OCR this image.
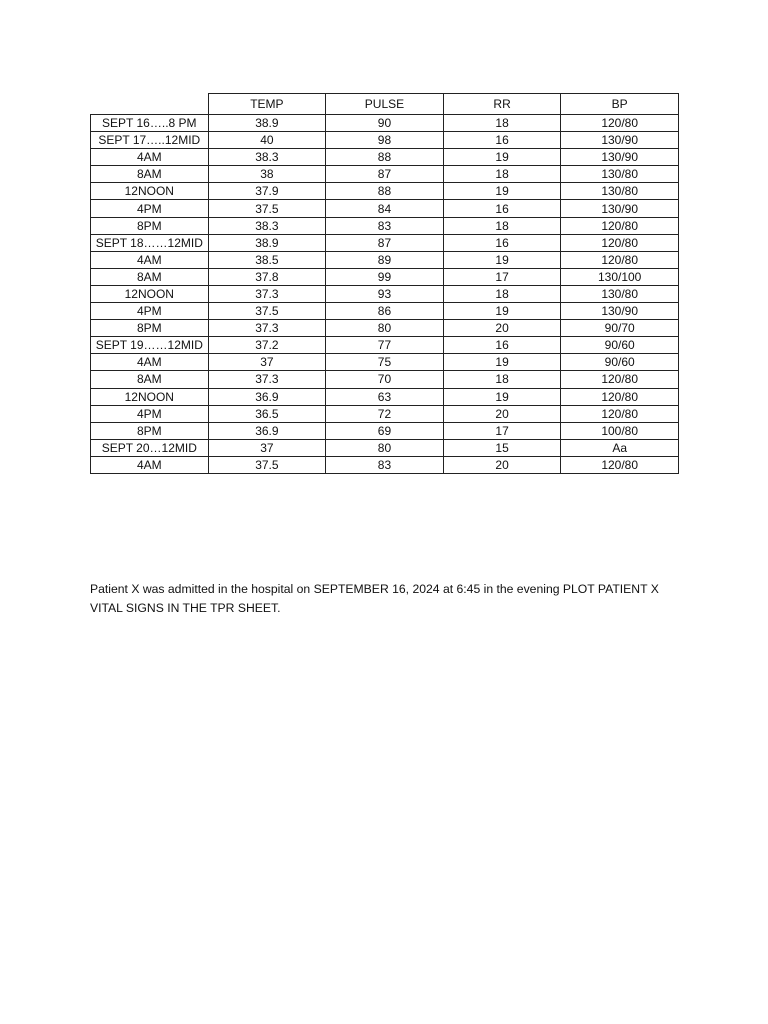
	TEMP	PULSE	RR	BP
SEPT 16…..8 PM	38.9	90	18	120/80
SEPT 17…..12MID	40	98	16	130/90
4AM	38.3	88	19	130/90
8AM	38	87	18	130/80
12NOON	37.9	88	19	130/80
4PM	37.5	84	16	130/90
8PM	38.3	83	18	120/80
SEPT 18……12MID	38.9	87	16	120/80
4AM	38.5	89	19	120/80
8AM	37.8	99	17	130/100
12NOON	37.3	93	18	130/80
4PM	37.5	86	19	130/90
8PM	37.3	80	20	90/70
SEPT 19……12MID	37.2	77	16	90/60
4AM	37	75	19	90/60
8AM	37.3	70	18	120/80
12NOON	36.9	63	19	120/80
4PM	36.5	72	20	120/80
8PM	36.9	69	17	100/80
SEPT 20…12MID	37	80	15	Aa
4AM	37.5	83	20	120/80

Patient X was admitted in the hospital on SEPTEMBER 16, 2024 at 6:45 in the evening PLOT PATIENT X VITAL SIGNS IN THE TPR SHEET.
